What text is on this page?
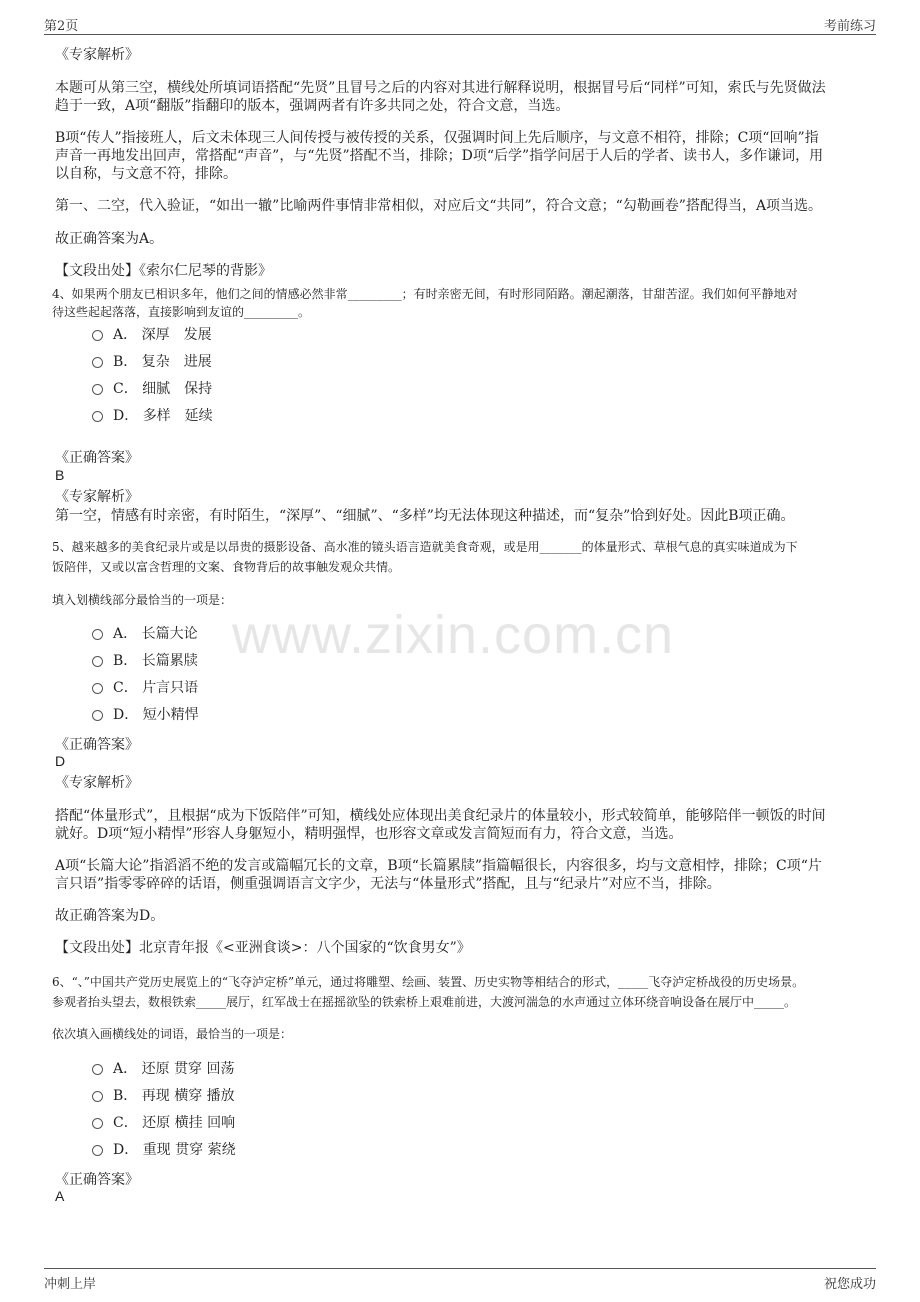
第2页	考前练习
www.zixin.com.cn
《专家解析》
本题可从第三空，横线处所填词语搭配“先贤”且冒号之后的内容对其进行解释说明，根据冒号后“同样”可知，索氏与先贤做法
趋于一致，A项“翻版”指翻印的版本，强调两者有许多共同之处，符合文意，当选。
B项“传人”指接班人，后文未体现三人间传授与被传授的关系，仅强调时间上先后顺序，与文意不相符，排除；C项“回响”指
声音一再地发出回声，常搭配“声音”，与“先贤”搭配不当，排除；D项“后学”指学问居于人后的学者、读书人，多作谦词，用
以自称，与文意不符，排除。
第一、二空，代入验证，“如出一辙”比喻两件事情非常相似，对应后文“共同”，符合文意；“勾勒画卷”搭配得当，A项当选。
故正确答案为A。
【文段出处】《索尔仁尼琴的背影》
4、如果两个朋友已相识多年，他们之间的情感必然非常_________；有时亲密无间，有时形同陌路。潮起潮落，甘甜苦涩。我们如何平静地对
待这些起起落落，直接影响到友谊的_________。
A． 深厚　发展
B． 复杂　进展
C． 细腻　保持
D． 多样　延续
《正确答案》
B
《专家解析》
第一空，情感有时亲密，有时陌生，“深厚”、“细腻”、“多样”均无法体现这种描述，而“复杂”恰到好处。因此B项正确。
5、越来越多的美食纪录片或是以昂贵的摄影设备、高水准的镜头语言造就美食奇观，或是用_______的体量形式、草根气息的真实味道成为下
饭陪伴，又或以富含哲理的文案、食物背后的故事触发观众共情。
填入划横线部分最恰当的一项是：
A． 长篇大论
B． 长篇累牍
C． 片言只语
D． 短小精悍
《正确答案》
D
《专家解析》
搭配“体量形式”，且根据“成为下饭陪伴”可知，横线处应体现出美食纪录片的体量较小，形式较简单，能够陪伴一顿饭的时间
就好。D项“短小精悍”形容人身躯短小，精明强悍，也形容文章或发言简短而有力，符合文意，当选。
A项“长篇大论”指滔滔不绝的发言或篇幅冗长的文章，B项“长篇累牍”指篇幅很长，内容很多，均与文意相悖，排除；C项“片
言只语”指零零碎碎的话语，侧重强调语言文字少，无法与“体量形式”搭配，且与“纪录片”对应不当，排除。
故正确答案为D。
【文段出处】北京青年报《<亚洲食谈>：八个国家的“饮食男女”》
6、“、”中国共产党历史展览上的“飞夺泸定桥”单元，通过将雕塑、绘画、装置、历史实物等相结合的形式，_____飞夺泸定桥战役的历史场景。
参观者抬头望去，数根铁索_____展厅，红军战士在摇摇欲坠的铁索桥上艰难前进，大渡河湍急的水声通过立体环绕音响设备在展厅中_____。
依次填入画横线处的词语，最恰当的一项是：
A． 还原 贯穿 回荡
B． 再现 横穿 播放
C． 还原 横挂 回响
D． 重现 贯穿 萦绕
《正确答案》
A
冲刺上岸	祝您成功
